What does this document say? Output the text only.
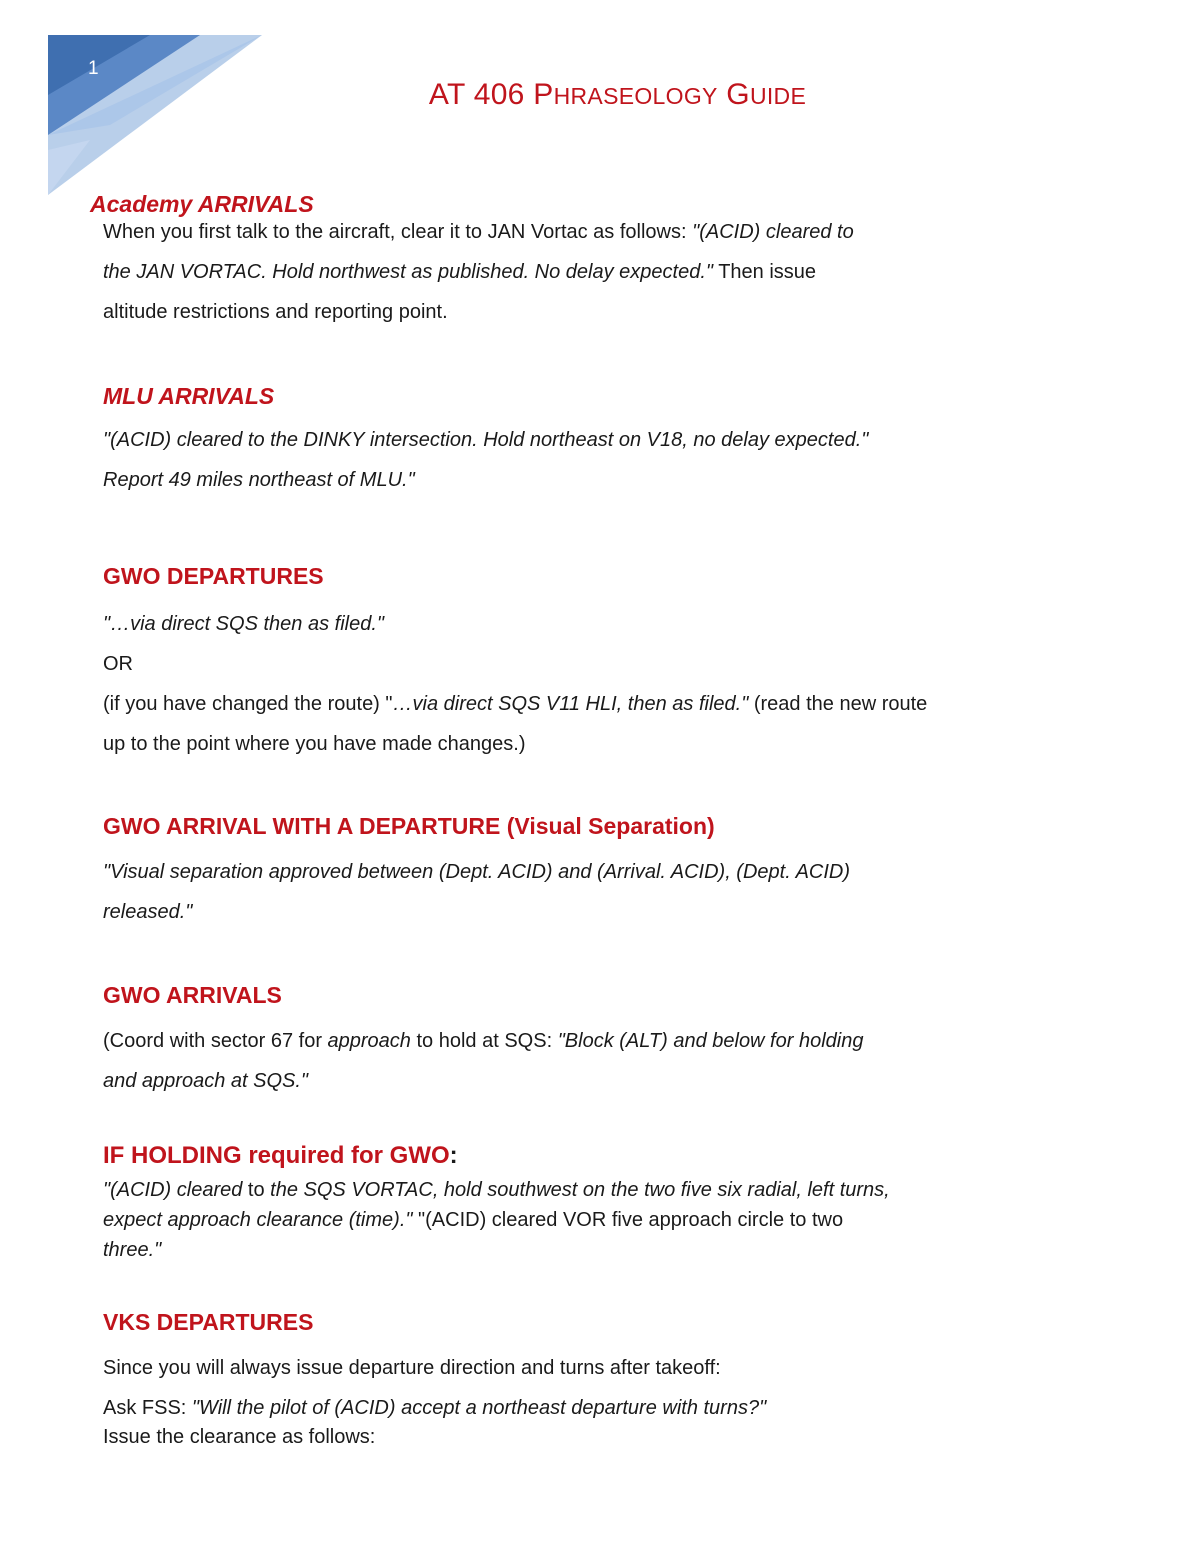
1
AT 406 PHRASEOLOGY GUIDE
Academy ARRIVALS

When you first talk to the aircraft, clear it to JAN Vortac as follows: "(ACID) cleared to

the JAN VORTAC. Hold northwest as published. No delay expected." Then issue

altitude restrictions and reporting point.

MLU ARRIVALS

"(ACID) cleared to the DINKY intersection. Hold northeast on V18, no delay expected."

Report 49 miles northeast of MLU."

GWO DEPARTURES

"…via direct SQS then as filed."

OR

(if you have changed the route) "…via direct SQS V11 HLI, then as filed." (read the new route

up to the point where you have made changes.)

GWO ARRIVAL WITH A DEPARTURE (Visual Separation)

"Visual separation approved between (Dept. ACID) and (Arrival. ACID), (Dept. ACID)

released."

GWO ARRIVALS

(Coord with sector 67 for approach to hold at SQS: "Block (ALT) and below for holding

and approach at SQS."

IF HOLDING required for GWO:

"(ACID) cleared to the SQS VORTAC, hold southwest on the two five six radial, left turns,

expect approach clearance (time)." "(ACID) cleared VOR five approach circle to two

three."

VKS DEPARTURES

Since you will always issue departure direction and turns after takeoff:

Ask FSS: "Will the pilot of (ACID) accept a northeast departure with turns?"

Issue the clearance as follows:
